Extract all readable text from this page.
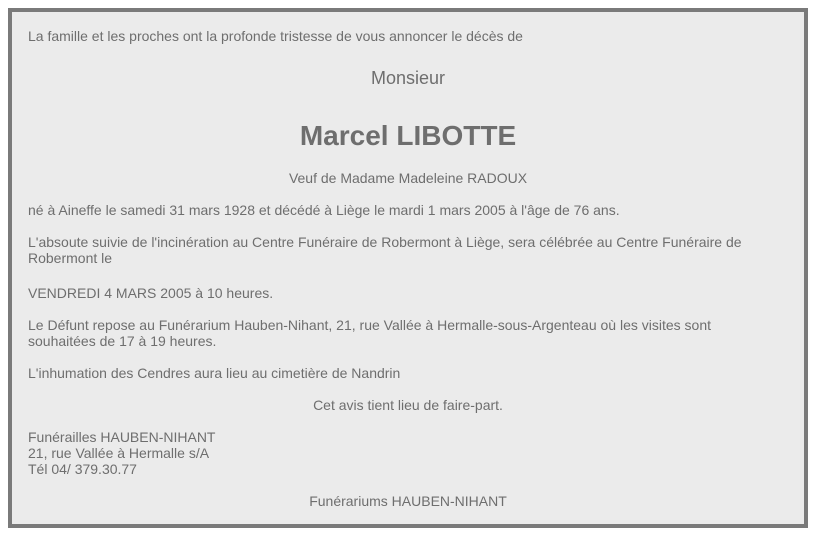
La famille et les proches ont la profonde tristesse de vous annoncer le décès de

Monsieur

Marcel LIBOTTE

Veuf de Madame Madeleine RADOUX

né à Aineffe le samedi 31 mars 1928 et décédé à Liège le mardi 1 mars 2005 à l'âge de 76 ans.

L'absoute suivie de l'incinération au Centre Funéraire de Robermont à Liège, sera célébrée au Centre Funéraire de Robermont le

VENDREDI 4 MARS 2005 à 10 heures.

Le Défunt repose au Funérarium Hauben-Nihant, 21, rue Vallée à Hermalle-sous-Argenteau où les visites sont

souhaitées de 17 à 19 heures.

L'inhumation des Cendres aura lieu au cimetière de Nandrin

Cet avis tient lieu de faire-part.

Funérailles HAUBEN-NIHANT

21, rue Vallée à Hermalle s/A

Tél 04/ 379.30.77

Funérariums HAUBEN-NIHANT
